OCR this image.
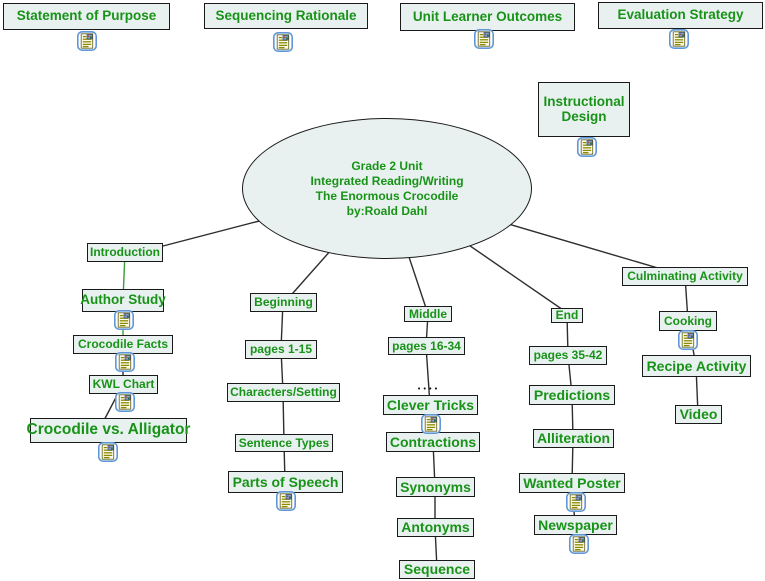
Grade 2 Unit
Integrated Reading/Writing
The Enormous Crocodile
by:Roald Dahl
••••
Statement of Purpose	Sequencing Rationale	Unit Learner Outcomes	Evaluation Strategy
Instructional Design
Introduction
Author Study
Crocodile Facts
KWL Chart
Crocodile vs. Alligator
Beginning
pages 1-15
Characters/Setting
Sentence Types
Parts of Speech
Middle
pages 16-34
Clever Tricks
Contractions
Synonyms
Antonyms
Sequence
End
pages 35-42
Predictions
Alliteration
Wanted Poster
Newspaper
Culminating Activity
Cooking
Recipe Activity
Video
